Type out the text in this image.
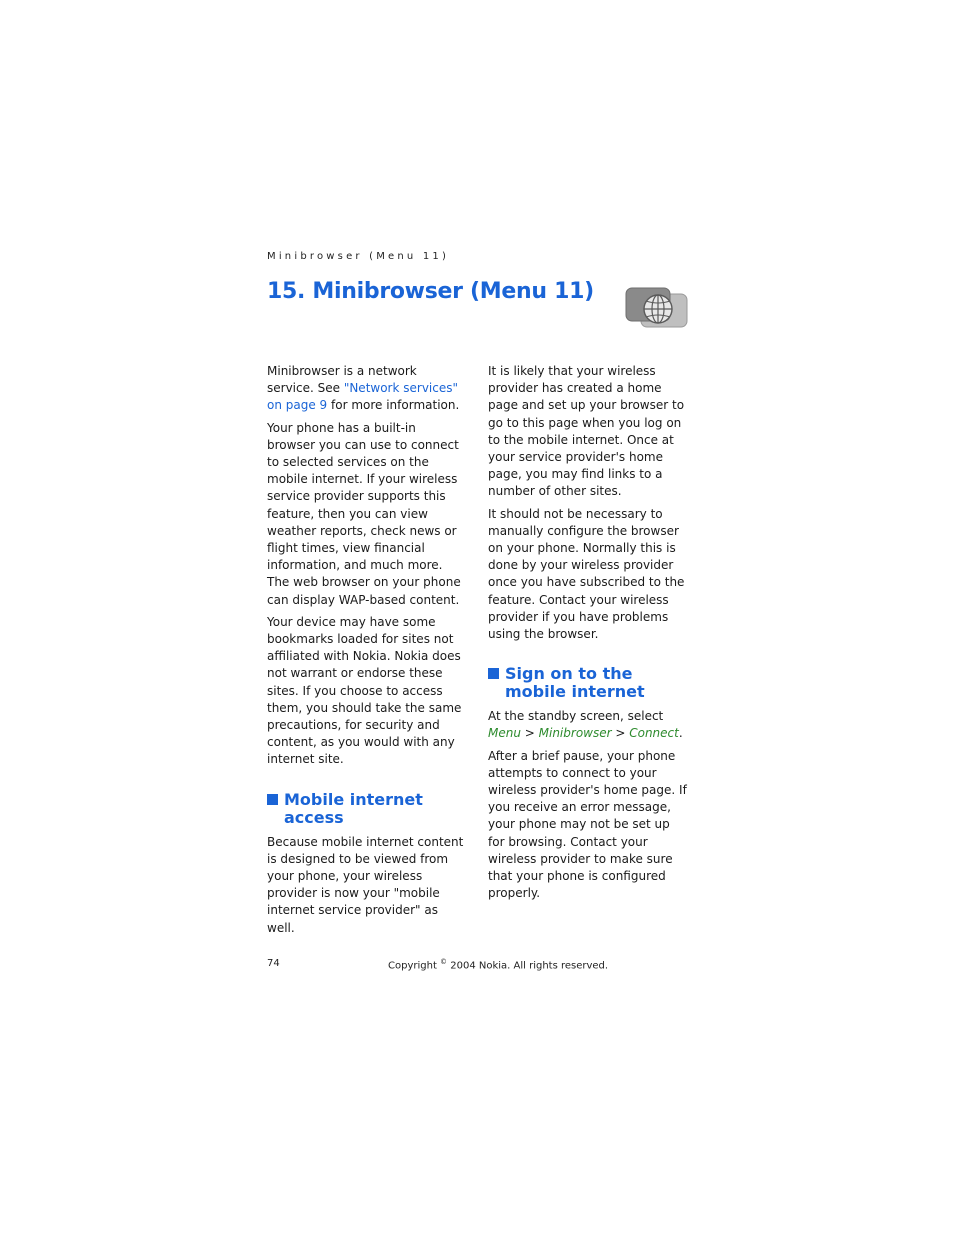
Minibrowser (Menu 11)
15. Minibrowser (Menu 11)

Minibrowser is a network service. See "Network services" on page 9 for more information.

Your phone has a built-in browser you can use to connect to selected services on the mobile internet. If your wireless service provider supports this feature, then you can view weather reports, check news or flight times, view financial information, and much more. The web browser on your phone can display WAP-based content.

Your device may have some bookmarks loaded for sites not affiliated with Nokia. Nokia does not warrant or endorse these sites. If you choose to access them, you should take the same precautions, for security and content, as you would with any internet site.

Mobile internet access

Because mobile internet content is designed to be viewed from your phone, your wireless provider is now your "mobile internet service provider" as well.

It is likely that your wireless provider has created a home page and set up your browser to go to this page when you log on to the mobile internet. Once at your service provider's home page, you may find links to a number of other sites.

It should not be necessary to manually configure the browser on your phone. Normally this is done by your wireless provider once you have subscribed to the feature. Contact your wireless provider if you have problems using the browser.

Sign on to the mobile internet

At the standby screen, select Menu > Minibrowser > Connect.

After a brief pause, your phone attempts to connect to your wireless provider's home page. If you receive an error message, your phone may not be set up for browsing. Contact your wireless provider to make sure that your phone is configured properly.

74	Copyright © 2004 Nokia. All rights reserved.
